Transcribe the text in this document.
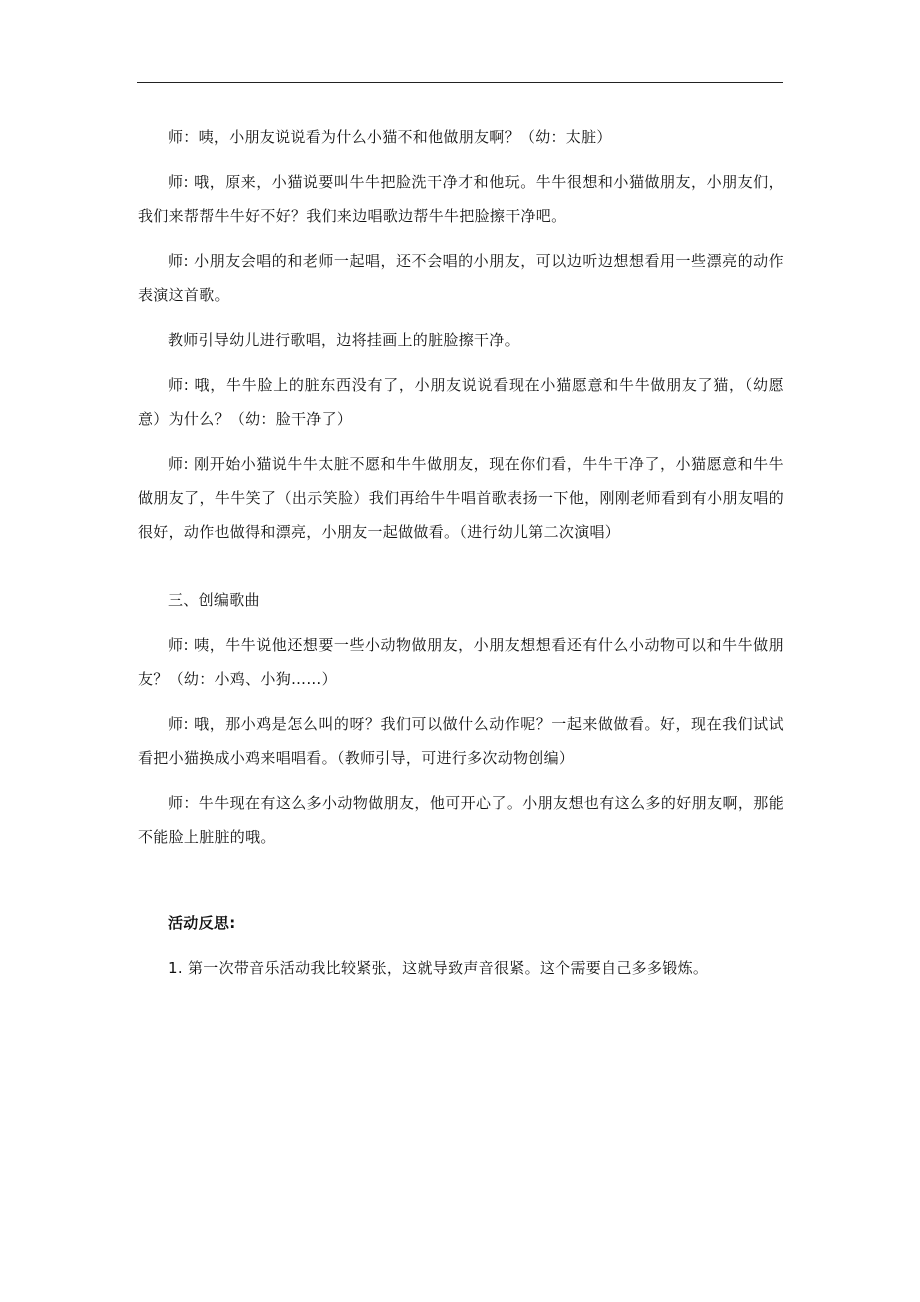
师：咦，小朋友说说看为什么小猫不和他做朋友啊？（幼：太脏）

师: 哦，原来，小猫说要叫牛牛把脸洗干净才和他玩。牛牛很想和小猫做朋友，小朋友们，我们来帮帮牛牛好不好？我们来边唱歌边帮牛牛把脸擦干净吧。

师: 小朋友会唱的和老师一起唱，还不会唱的小朋友，可以边听边想想看用一些漂亮的动作表演这首歌。

教师引导幼儿进行歌唱，边将挂画上的脏脸擦干净。

师: 哦，牛牛脸上的脏东西没有了，小朋友说说看现在小猫愿意和牛牛做朋友了猫，（幼愿意）为什么？（幼：脸干净了）

师: 刚开始小猫说牛牛太脏不愿和牛牛做朋友，现在你们看，牛牛干净了，小猫愿意和牛牛做朋友了，牛牛笑了（出示笑脸）我们再给牛牛唱首歌表扬一下他，刚刚老师看到有小朋友唱的很好，动作也做得和漂亮，小朋友一起做做看。（进行幼儿第二次演唱）

三、创编歌曲

师: 咦，牛牛说他还想要一些小动物做朋友，小朋友想想看还有什么小动物可以和牛牛做朋友？（幼：小鸡、小狗……）

师: 哦，那小鸡是怎么叫的呀？我们可以做什么动作呢？一起来做做看。好，现在我们试试看把小猫换成小鸡来唱唱看。（教师引导，可进行多次动物创编）

师：牛牛现在有这么多小动物做朋友，他可开心了。小朋友想也有这么多的好朋友啊，那能不能脸上脏脏的哦。

活动反思:

1. 第一次带音乐活动我比较紧张，这就导致声音很紧。这个需要自己多多锻炼。
